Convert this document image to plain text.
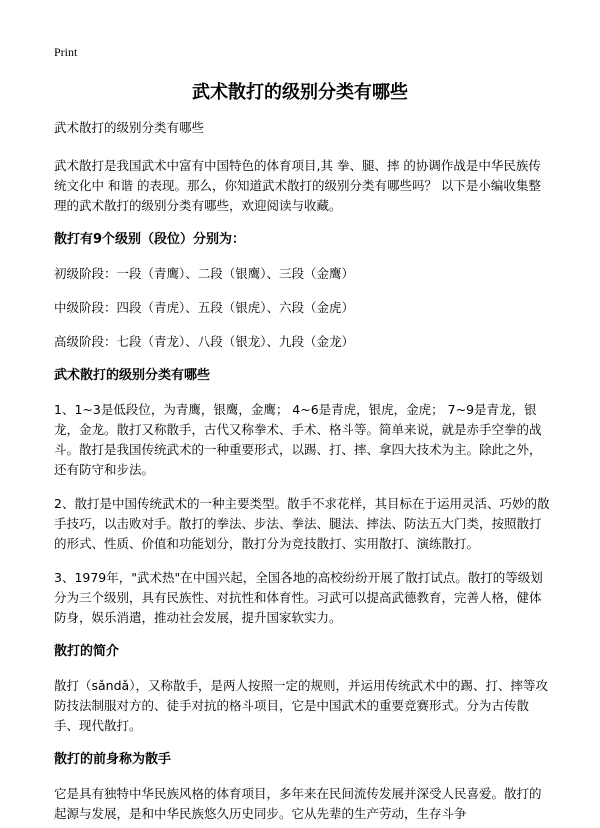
Print
武术散打的级别分类有哪些

武术散打的级别分类有哪些

武术散打是我国武术中富有中国特色的体育项目,其 拳、腿、摔 的协调作战是中华民族传统文化中 和谐 的表现。那么，你知道武术散打的级别分类有哪些吗？ 以下是小编收集整理的武术散打的级别分类有哪些，欢迎阅读与收藏。

散打有9个级别（段位）分别为：

初级阶段：一段（青鹰）、二段（银鹰）、三段（金鹰）

中级阶段：四段（青虎）、五段（银虎）、六段（金虎）

高级阶段：七段（青龙）、八段（银龙）、九段（金龙）

武术散打的级别分类有哪些

1、1~3是低段位，为青鹰，银鹰，金鹰； 4~6是青虎，银虎，金虎； 7~9是青龙，银龙，金龙。散打又称散手，古代又称拳术、手术、格斗等。简单来说，就是赤手空拳的战斗。散打是我国传统武术的一种重要形式，以踢、打、摔、拿四大技术为主。除此之外，还有防守和步法。

2、散打是中国传统武术的一种主要类型。散手不求花样，其目标在于运用灵活、巧妙的散手技巧，以击败对手。散打的拳法、步法、拳法、腿法、摔法、防法五大门类，按照散打的形式、性质、价值和功能划分，散打分为竞技散打、实用散打、演练散打。

3、1979年，"武术热"在中国兴起，全国各地的高校纷纷开展了散打试点。散打的等级划分为三个级别，具有民族性、对抗性和体育性。习武可以提高武德教育，完善人格，健体防身，娱乐消遣，推动社会发展，提升国家软实力。

散打的简介

散打（sǎndǎ），又称散手，是两人按照一定的规则，并运用传统武术中的踢、打、摔等攻防技法制服对方的、徒手对抗的格斗项目，它是中国武术的重要竞赛形式。分为古传散手、现代散打。

散打的前身称为散手

它是具有独特中华民族风格的体育项目，多年来在民间流传发展并深受人民喜爱。散打的起源与发展，是和中华民族悠久历史同步。它从先辈的生产劳动，生存斗争
